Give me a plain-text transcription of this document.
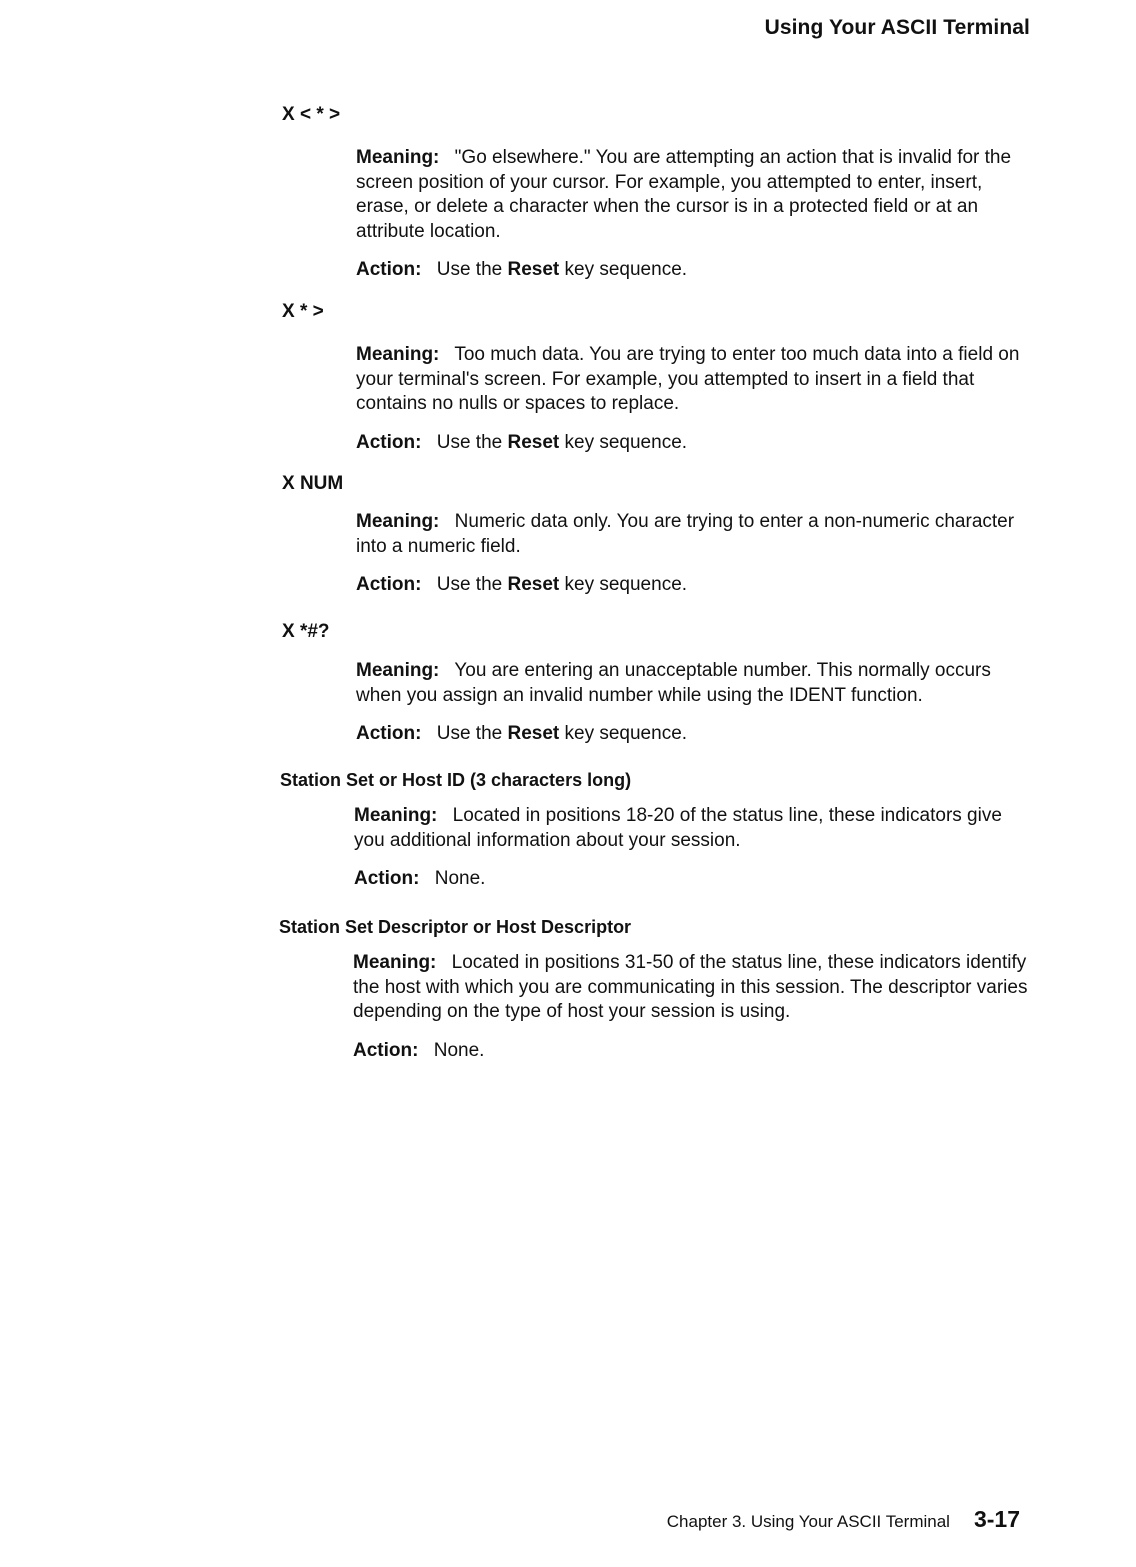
Using Your ASCII Terminal
X < * >

Meaning: "Go elsewhere." You are attempting an action that is invalid for the screen position of your cursor. For example, you attempted to enter, insert, erase, or delete a character when the cursor is in a protected field or at an attribute location.

Action: Use the Reset key sequence.

X * >

Meaning: Too much data. You are trying to enter too much data into a field on your terminal's screen. For example, you attempted to insert in a field that contains no nulls or spaces to replace.

Action: Use the Reset key sequence.

X NUM

Meaning: Numeric data only. You are trying to enter a non-numeric character into a numeric field.

Action: Use the Reset key sequence.

X *#?

Meaning: You are entering an unacceptable number. This normally occurs when you assign an invalid number while using the IDENT function.

Action: Use the Reset key sequence.

Station Set or Host ID (3 characters long)

Meaning: Located in positions 18-20 of the status line, these indicators give you additional information about your session.

Action: None.

Station Set Descriptor or Host Descriptor

Meaning: Located in positions 31-50 of the status line, these indicators identify the host with which you are communicating in this session. The descriptor varies depending on the type of host your session is using.

Action: None.

Chapter 3. Using Your ASCII Terminal 3-17
